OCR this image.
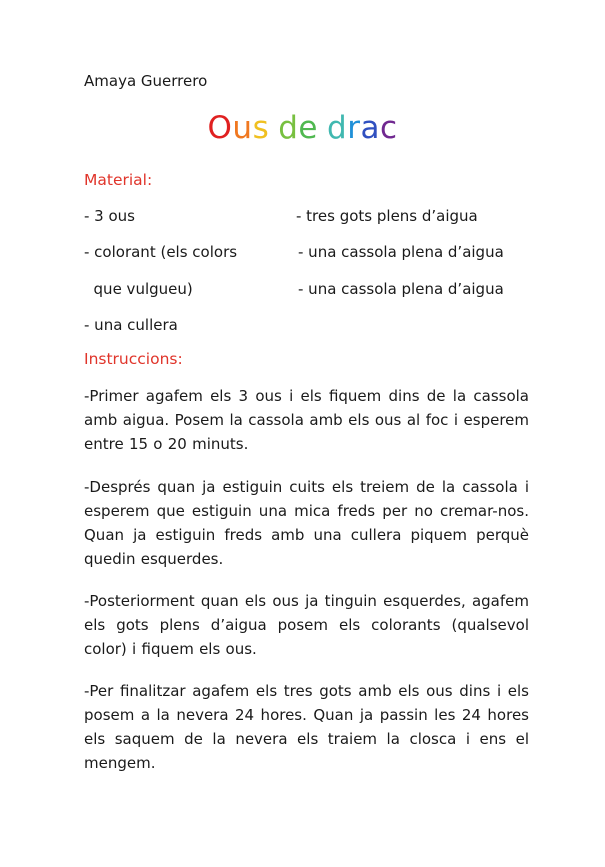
Amaya Guerrero
Ous de drac
Material:
- 3 ous	- tres gots plens d’aigua
- colorant (els colors	- una cassola plena d’aigua
que vulgueu)	- una cassola plena d’aigua
- una cullera
Instruccions:
-Primer agafem els 3 ous i els fiquem dins de la cassola amb aigua. Posem la cassola amb els ous al foc i esperem entre 15 o 20 minuts.
-Després quan ja estiguin cuits els treiem de la cassola i esperem que estiguin una mica freds per no cremar-nos. Quan ja estiguin freds amb una cullera piquem perquè quedin esquerdes.
-Posteriorment quan els ous ja tinguin esquerdes, agafem els gots plens d’aigua posem els colorants (qualsevol color) i fiquem els ous.
-Per finalitzar agafem els tres gots amb els ous dins i els posem a la nevera 24 hores. Quan ja passin les 24 hores els saquem de la nevera els traiem la closca i ens el mengem.
